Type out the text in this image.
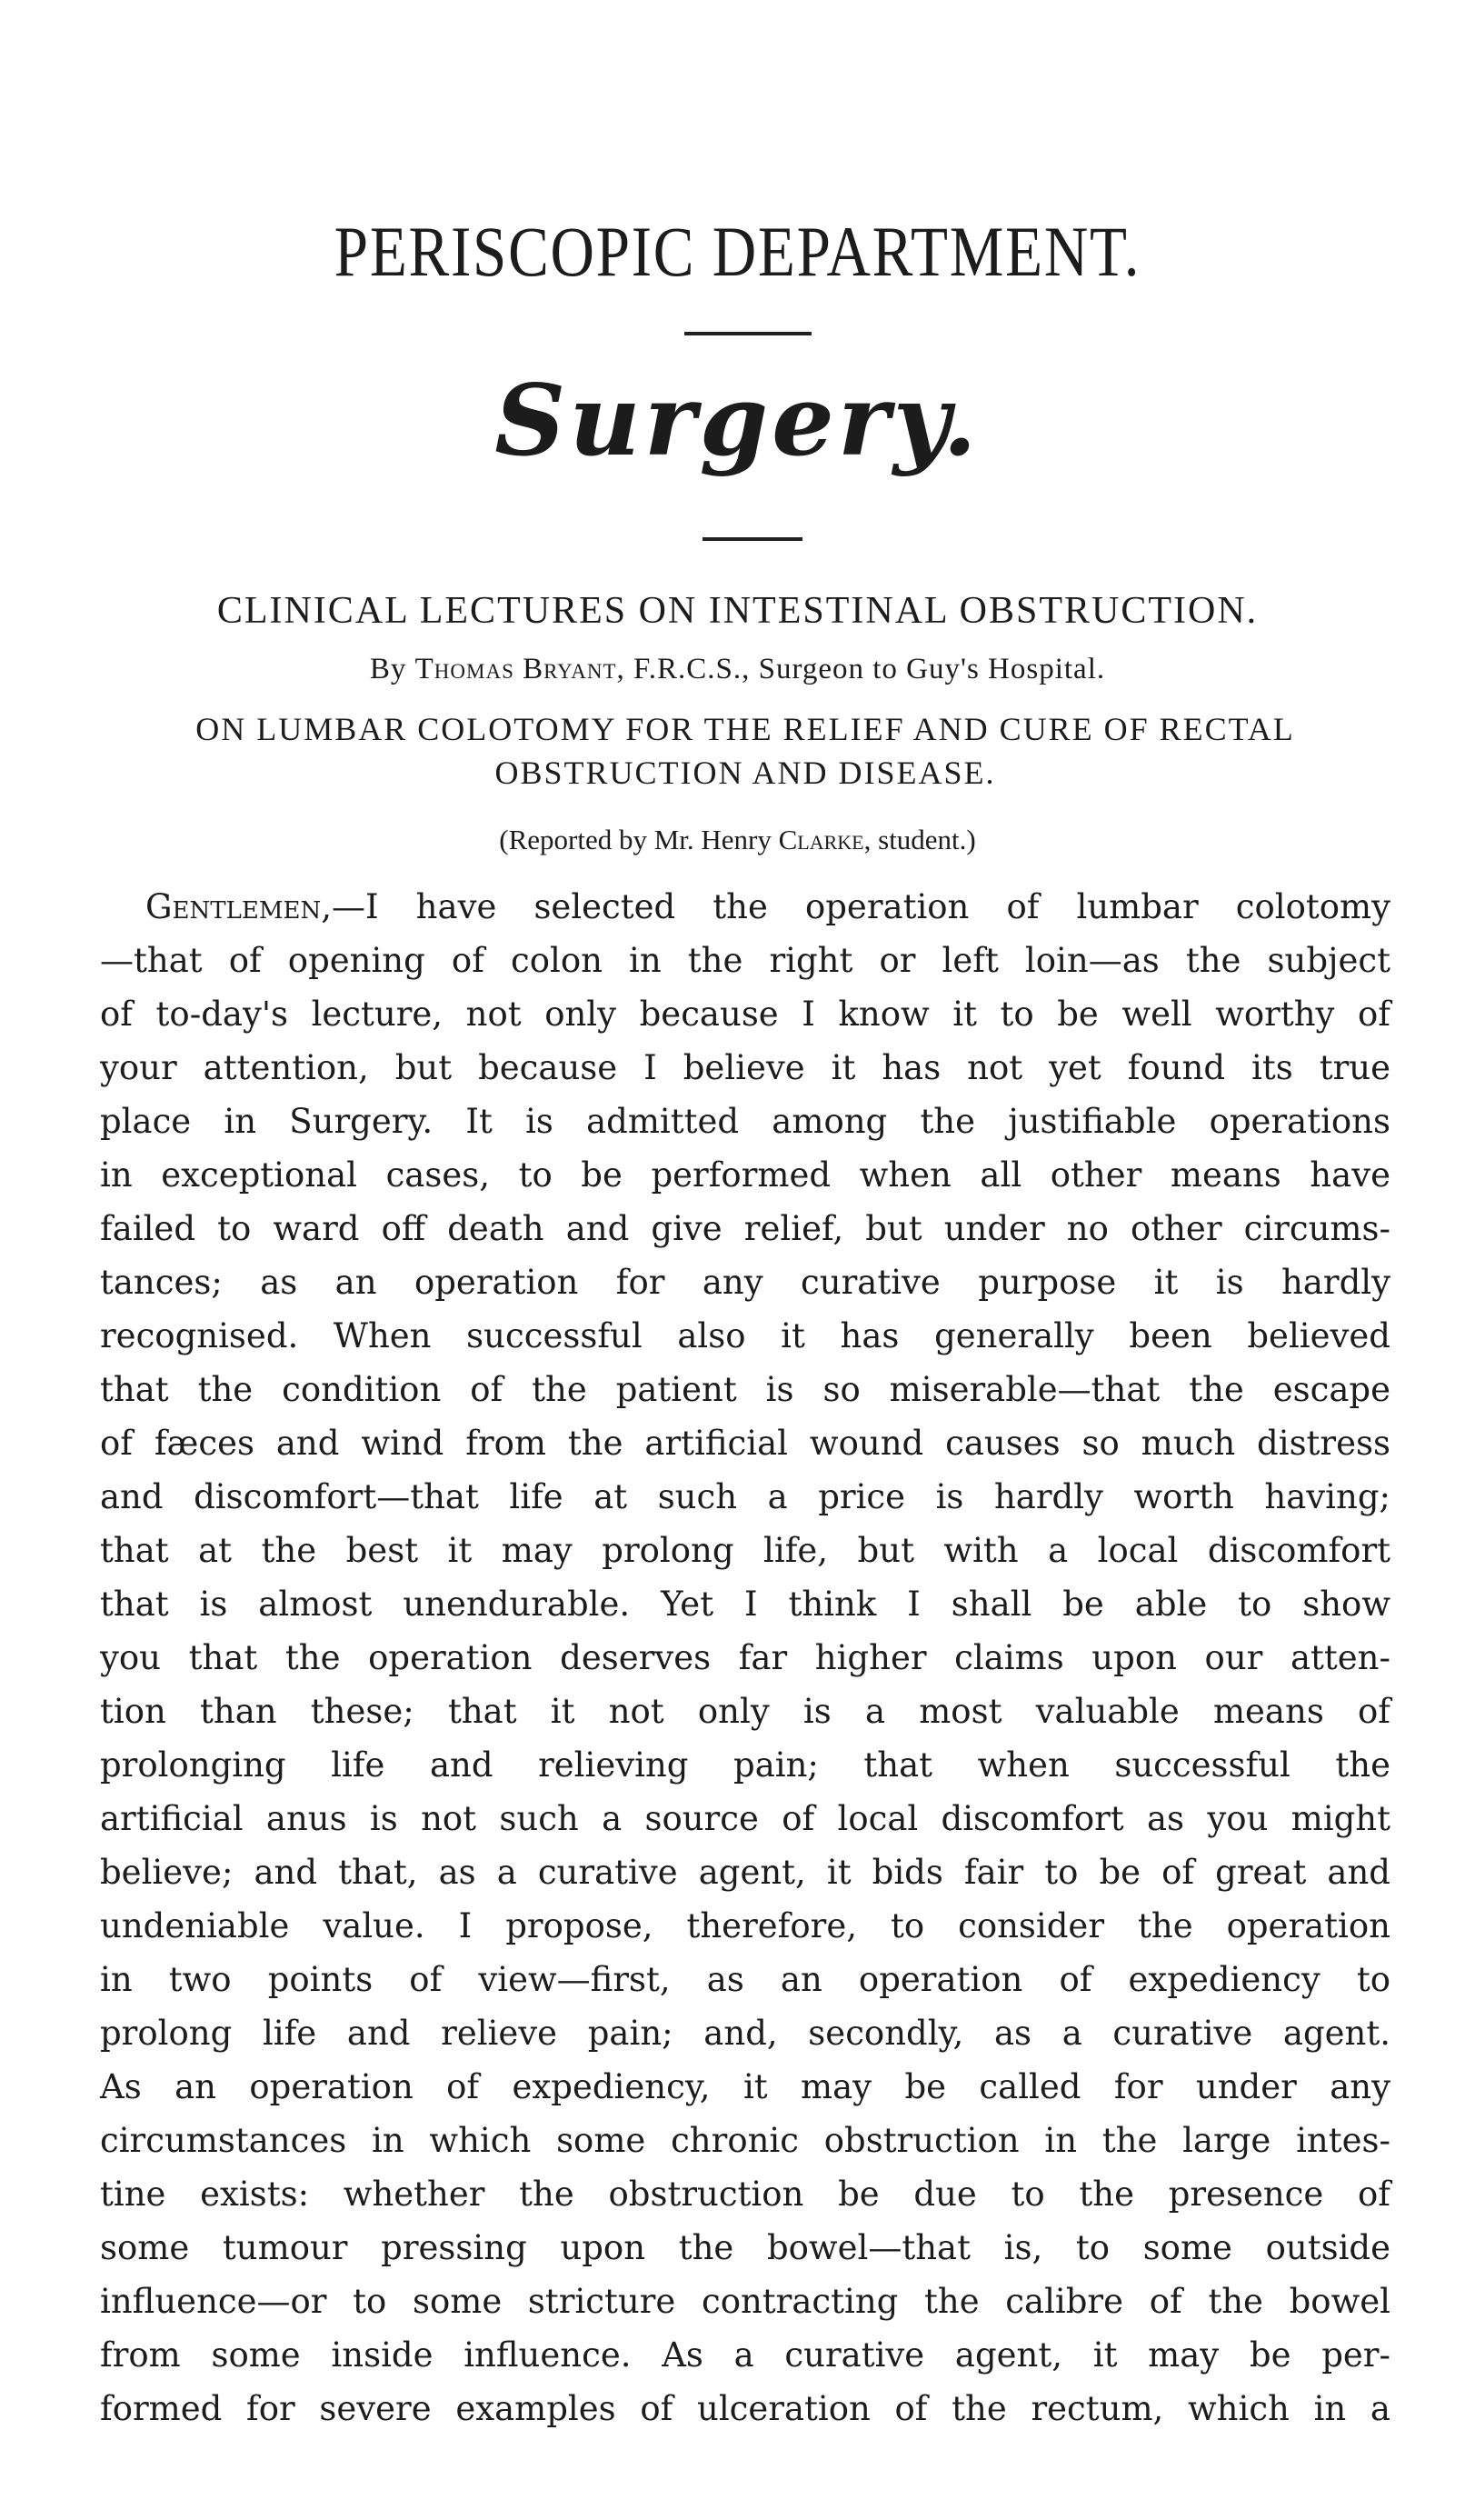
PERISCOPIC DEPARTMENT.
Surgery.
CLINICAL LECTURES ON INTESTINAL OBSTRUCTION.
By Thomas Bryant, F.R.C.S., Surgeon to Guy's Hospital.
ON LUMBAR COLOTOMY FOR THE RELIEF AND CURE OF RECTAL OBSTRUCTION AND DISEASE.
(Reported by Mr. Henry Clarke, student.)
Gentlemen,—I have selected the operation of lumbar colotomy
—that of opening of colon in the right or left loin—as the subject
of to-day's lecture, not only because I know it to be well worthy of
your attention, but because I believe it has not yet found its true
place in Surgery. It is admitted among the justifiable operations
in exceptional cases, to be performed when all other means have
failed to ward off death and give relief, but under no other circums-
tances; as an operation for any curative purpose it is hardly
recognised. When successful also it has generally been believed
that the condition of the patient is so miserable—that the escape
of fæces and wind from the artificial wound causes so much distress
and discomfort—that life at such a price is hardly worth having;
that at the best it may prolong life, but with a local discomfort
that is almost unendurable. Yet I think I shall be able to show
you that the operation deserves far higher claims upon our atten-
tion than these; that it not only is a most valuable means of
prolonging life and relieving pain; that when successful the
artificial anus is not such a source of local discomfort as you might
believe; and that, as a curative agent, it bids fair to be of great and
undeniable value. I propose, therefore, to consider the operation
in two points of view—first, as an operation of expediency to
prolong life and relieve pain; and, secondly, as a curative agent.
As an operation of expediency, it may be called for under any
circumstances in which some chronic obstruction in the large intes-
tine exists: whether the obstruction be due to the presence of
some tumour pressing upon the bowel—that is, to some outside
influence—or to some stricture contracting the calibre of the bowel
from some inside influence. As a curative agent, it may be per-
formed for severe examples of ulceration of the rectum, which in a
